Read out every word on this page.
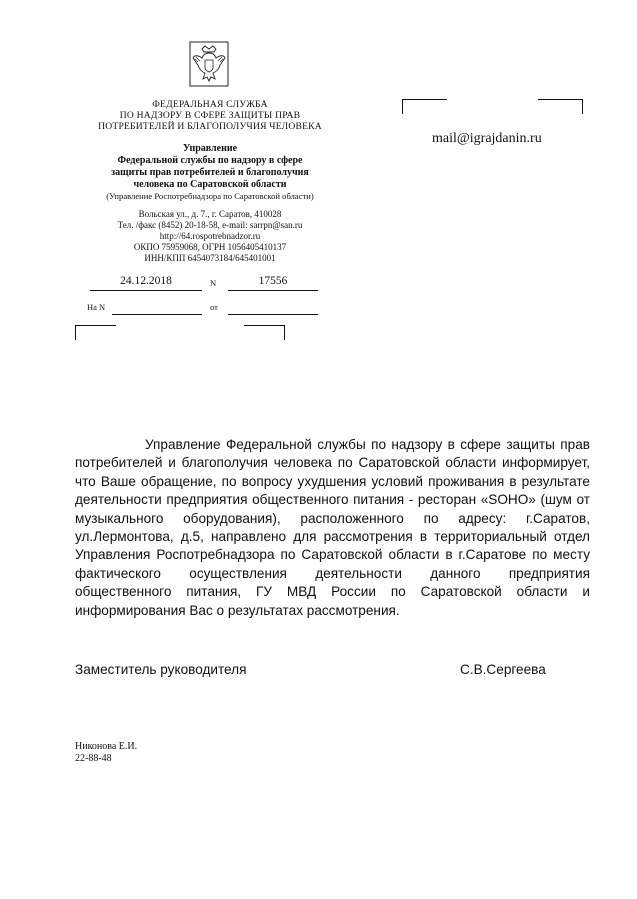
ФЕДЕРАЛЬНАЯ СЛУЖБА
ПО НАДЗОРУ В СФЕРЕ ЗАЩИТЫ ПРАВ
ПОТРЕБИТЕЛЕЙ И БЛАГОПОЛУЧИЯ ЧЕЛОВЕКА
Управление
Федеральной службы по надзору в сфере
защиты прав потребителей и благополучия
человека по Саратовской области
(Управление Роспотребнадзора по Саратовской области)
Вольская ул., д. 7., г. Саратов, 410028
Тел. /факс (8452) 20-18-58, e-mail: sarrpn@san.ru
http://64.rospotrebnadzor.ru
ОКПО 75959068, ОГРН 1056405410137
ИНН/КПП 6454073184/645401001
24.12.2018	N	17556
На N	от
mail@igrajdanin.ru
Управление Федеральной службы по надзору в сфере защиты прав потребителей и благополучия человека по Саратовской области информирует, что Ваше обращение, по вопросу ухудшения условий проживания в результате деятельности предприятия общественного питания - ресторан «SOHO» (шум от музыкального оборудования), расположенного по адресу: г.Саратов, ул.Лермонтова, д.5, направлено для рассмотрения в территориальный отдел Управления Роспотребнадзора по Саратовской области в г.Саратове по месту фактического осуществления деятельности данного предприятия общественного питания, ГУ МВД России по Саратовской области и информирования Вас о результатах рассмотрения.
Заместитель руководителя	С.В.Сергеева
Никонова Е.И.
22-88-48
